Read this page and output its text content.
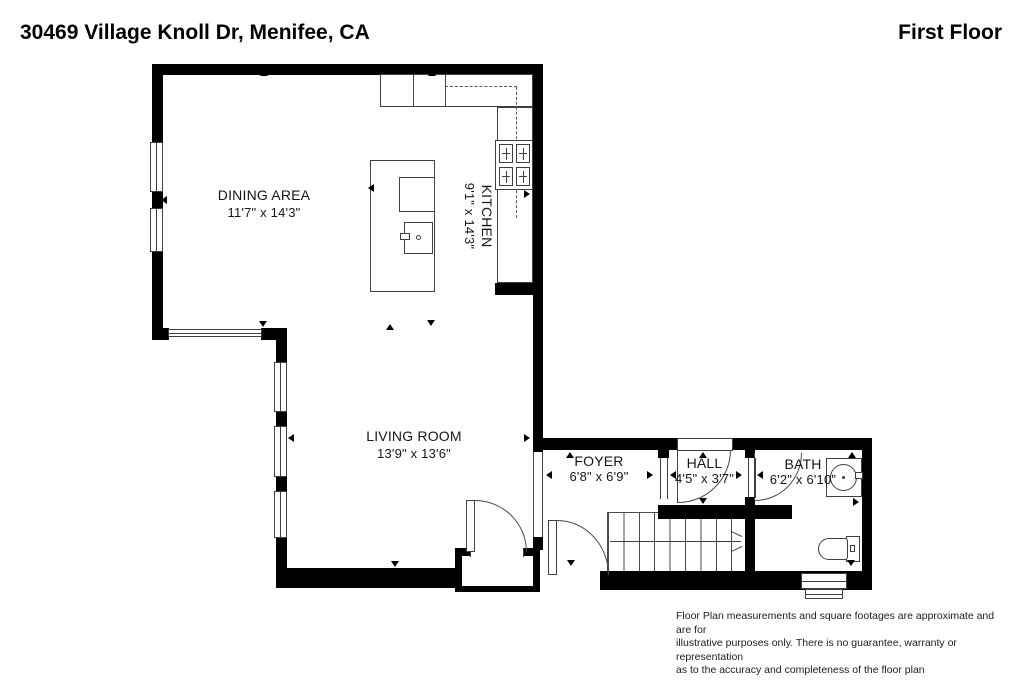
30469 Village Knoll Dr, Menifee, CA	First Floor
DINING AREA
11'7" x 14'3"	KITCHEN
9'1" x 14'3"
LIVING ROOM
13'9" x 13'6"	FOYER
6'8" x 6'9"
HALL
4'5" x 3'7"
BATH
6'2" x 6'10"
Floor Plan measurements and square footages are approximate and are for
illustrative purposes only. There is no guarantee, warranty or representation
as to the accuracy and completeness of the floor plan
